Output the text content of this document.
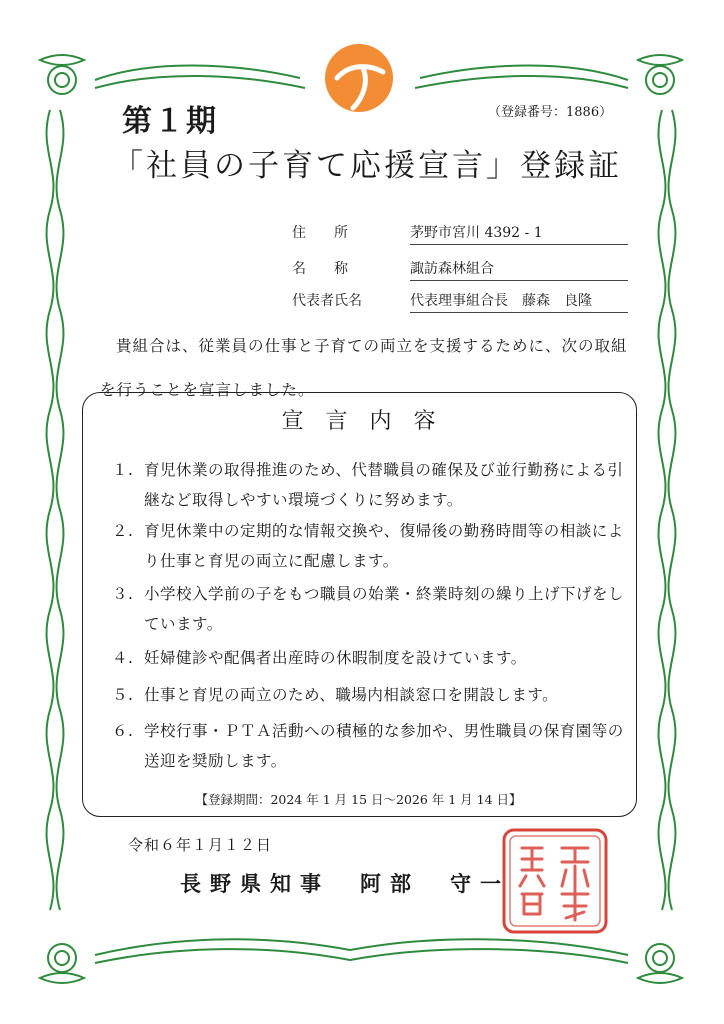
第１期	（登録番号：1886）
「社員の子育て応援宣言」登録証
住　　所	茅野市宮川 4392 - 1
名　　称	諏訪森林組合
代表者氏名	代表理事組合長　藤森　良隆
貴組合は、従業員の仕事と子育ての両立を支援するために、次の取組
を行うことを宣言しました。
宣言内容
１. 育児休業の取得推進のため、代替職員の確保及び並行勤務による引継など取得しやすい環境づくりに努めます。
２. 育児休業中の定期的な情報交換や、復帰後の勤務時間等の相談により仕事と育児の両立に配慮します。
３. 小学校入学前の子をもつ職員の始業・終業時刻の繰り上げ下げをしています。
４. 妊婦健診や配偶者出産時の休暇制度を設けています。
５. 仕事と育児の両立のため、職場内相談窓口を開設します。
６. 学校行事・ＰＴＡ活動への積極的な参加や、男性職員の保育園等の送迎を奨励します。
【登録期間：2024 年 1 月 15 日～2026 年 1 月 14 日】
令和６年１月１２日
長野県知事　阿部　守一
